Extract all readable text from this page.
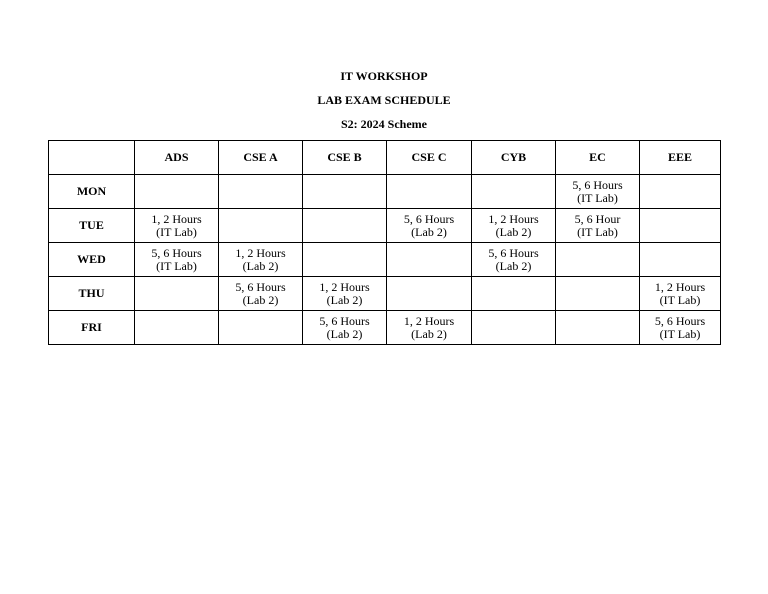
IT WORKSHOP

LAB EXAM SCHEDULE

S2: 2024 Scheme

	ADS	CSE A	CSE B	CSE C	CYB	EC	EEE
MON						5, 6 Hours
(IT Lab)	

TUE	1, 2 Hours
(IT Lab)			5, 6 Hours
(Lab 2)	1, 2 Hours
(Lab 2)	5, 6 Hour
(IT Lab)	

WED	5, 6 Hours
(IT Lab)	1, 2 Hours
(Lab 2)			5, 6 Hours
(Lab 2)		

THU		5, 6 Hours
(Lab 2)	1, 2 Hours
(Lab 2)				1, 2 Hours
(IT Lab)

FRI			5, 6 Hours
(Lab 2)	1, 2 Hours
(Lab 2)			5, 6 Hours
(IT Lab)
